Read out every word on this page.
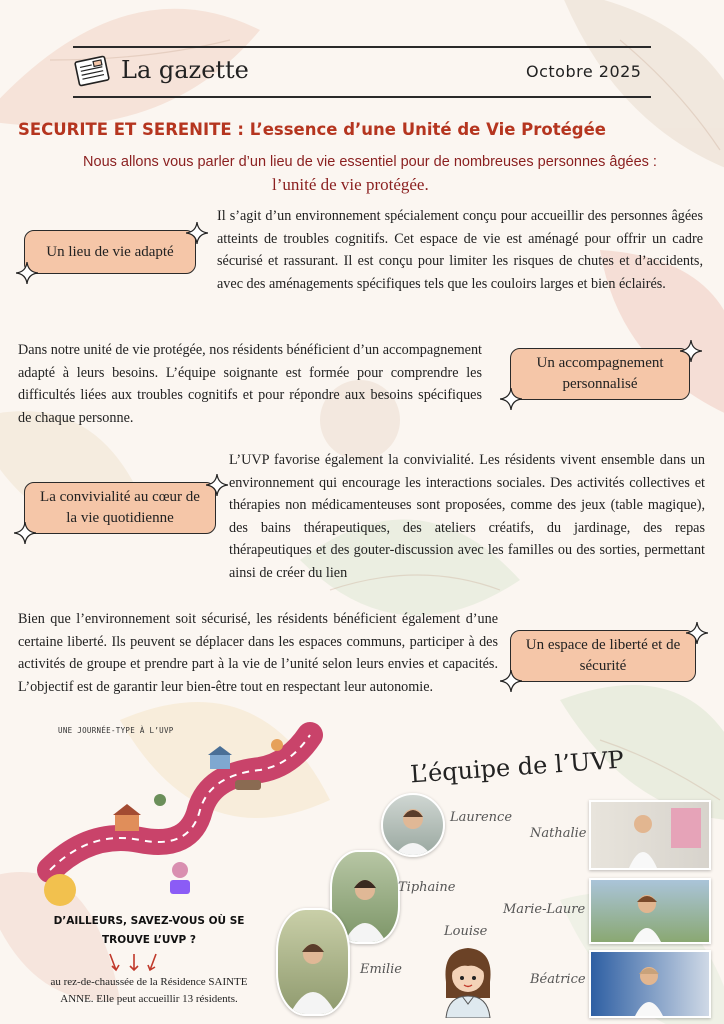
La gazette	Octobre 2025
SECURITE ET SERENITE : L’essence d’une Unité de Vie Protégée
Nous allons vous parler d’un lieu de vie essentiel pour de nombreuses personnes âgées :
l’unité de vie protégée.
Un lieu de vie adapté
Il s’agit d’un environnement spécialement conçu pour accueillir des personnes âgées atteints de troubles cognitifs. Cet espace de vie est aménagé pour offrir un cadre sécurisé et rassurant. Il est conçu pour limiter les risques de chutes et d’accidents, avec des aménagements spécifiques tels que les couloirs larges et bien éclairés.
Dans notre unité de vie protégée, nos résidents bénéficient d’un accompagnement adapté à leurs besoins. L’équipe soignante est formée pour comprendre les difficultés liées aux troubles cognitifs et pour répondre aux besoins spécifiques de chaque personne.
Un accompagnement personnalisé
La convivialité au cœur de la vie quotidienne
L’UVP favorise également la convivialité. Les résidents vivent ensemble dans un environnement qui encourage les interactions sociales. Des activités collectives et thérapies non médicamenteuses sont proposées, comme des jeux (table magique), des bains thérapeutiques, des ateliers créatifs, du jardinage, des repas thérapeutiques et des gouter-discussion avec les familles ou des sorties, permettant ainsi de créer du lien
Bien que l’environnement soit sécurisé, les résidents bénéficient également d’une certaine liberté. Ils peuvent se déplacer dans les espaces communs, participer à des activités de groupe et prendre part à la vie de l’unité selon leurs envies et capacités. L’objectif est de garantir leur bien-être tout en respectant leur autonomie.
Un espace de liberté et de sécurité
UNE JOURNÉE-TYPE À L’UVP
D’AILLEURS, SAVEZ-VOUS OÙ SE TROUVE L’UVP ?
au rez-de-chaussée de la Résidence SAINTE ANNE. Elle peut accueillir 13 résidents.
L’équipe de l’UVP
Laurence
Nathalie
Tiphaine
Marie-Laure
Emilie
Louise
Béatrice
